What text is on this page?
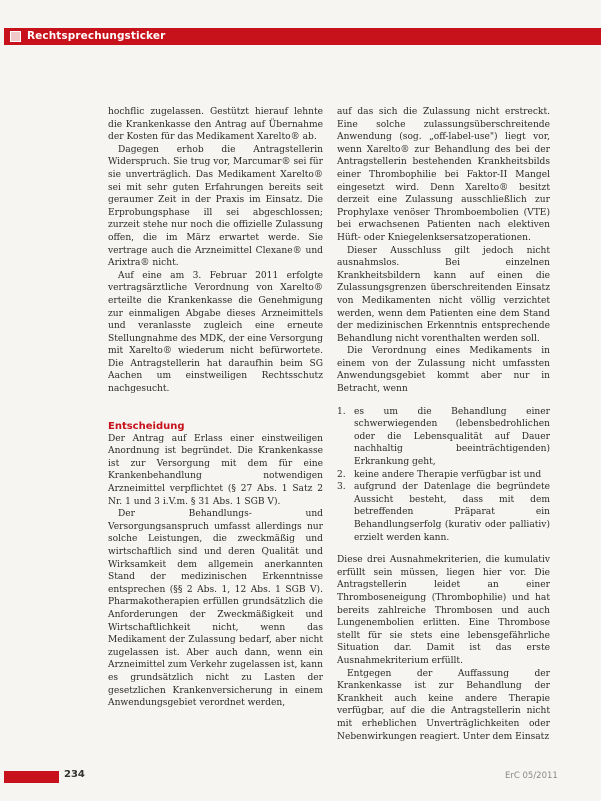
Rechtsprechungsticker

hochflic zugelassen. Gestützt hierauf lehnte die Krankenkasse den Antrag auf Übernahme der Kosten für das Medikament Xarelto® ab.

Dagegen erhob die Antragstellerin Widerspruch. Sie trug vor, Marcumar® sei für sie unverträglich. Das Medikament Xarelto® sei mit sehr guten Erfahrungen bereits seit geraumer Zeit in der Praxis im Einsatz. Die Erprobungsphase ill sei abgeschlossen; zurzeit stehe nur noch die offizielle Zulassung offen, die im März erwartet werde. Sie vertrage auch die Arzneimittel Clexane® und Arixtra® nicht.

Auf eine am 3. Februar 2011 erfolgte vertragsärztliche Verordnung von Xarelto® erteilte die Krankenkasse die Genehmigung zur einmaligen Abgabe dieses Arzneimittels und veranlasste zugleich eine erneute Stellungnahme des MDK, der eine Versorgung mit Xarelto® wiederum nicht befürwortete. Die Antragstellerin hat daraufhin beim SG Aachen um einstweiligen Rechtsschutz nachgesucht.

Entscheidung

Der Antrag auf Erlass einer einstweiligen Anordnung ist begründet. Die Krankenkasse ist zur Versorgung mit dem für eine Krankenbehandlung notwendigen Arzneimittel verpflichtet (§ 27 Abs. 1 Satz 2 Nr. 1 und 3 i.V.m. § 31 Abs. 1 SGB V).

Der Behandlungs- und Versorgungsanspruch umfasst allerdings nur solche Leistungen, die zweckmäßig und wirtschaftlich sind und deren Qualität und Wirksamkeit dem allgemein anerkannten Stand der medizinischen Erkenntnisse entsprechen (§§ 2 Abs. 1, 12 Abs. 1 SGB V). Pharmakotherapien erfüllen grundsätzlich die Anforderungen der Zweckmäßigkeit und Wirtschaftlichkeit nicht, wenn das Medikament der Zulassung bedarf, aber nicht zugelassen ist. Aber auch dann, wenn ein Arzneimittel zum Verkehr zugelassen ist, kann es grundsätzlich nicht zu Lasten der gesetzlichen Krankenversicherung in einem Anwendungsgebiet verordnet werden,

auf das sich die Zulassung nicht erstreckt. Eine solche zulassungsüberschreitende Anwendung (sog. „off-label-use") liegt vor, wenn Xarelto® zur Behandlung des bei der Antragstellerin bestehenden Krankheitsbilds einer Thrombophilie bei Faktor-II Mangel eingesetzt wird. Denn Xarelto® besitzt derzeit eine Zulassung ausschließlich zur Prophylaxe venöser Thromboembolien (VTE) bei erwachsenen Patienten nach elektiven Hüft- oder Kniegelenksersatzoperationen.

Dieser Ausschluss gilt jedoch nicht ausnahmslos. Bei einzelnen Krankheitsbildern kann auf einen die Zulassungsgrenzen überschreitenden Einsatz von Medikamenten nicht völlig verzichtet werden, wenn dem Patienten eine dem Stand der medizinischen Erkenntnis entsprechende Behandlung nicht vorenthalten werden soll.

Die Verordnung eines Medikaments in einem von der Zulassung nicht umfassten Anwendungsgebiet kommt aber nur in Betracht, wenn

1. es um die Behandlung einer schwerwiegenden (lebensbedrohlichen oder die Lebensqualität auf Dauer nachhaltig beeinträchtigenden) Erkrankung geht,
2. keine andere Therapie verfügbar ist und
3. aufgrund der Datenlage die begründete Aussicht besteht, dass mit dem betreffenden Präparat ein Behandlungserfolg (kurativ oder palliativ) erzielt werden kann.

Diese drei Ausnahmekriterien, die kumulativ erfüllt sein müssen, liegen hier vor. Die Antragstellerin leidet an einer Thromboseneigung (Thrombophilie) und hat bereits zahlreiche Thrombosen und auch Lungenembolien erlitten. Eine Thrombose stellt für sie stets eine lebensgefährliche Situation dar. Damit ist das erste Ausnahmekriterium erfüllt.

Entgegen der Auffassung der Krankenkasse ist zur Behandlung der Krankheit auch keine andere Therapie verfügbar, auf die die Antragstellerin nicht mit erheblichen Unverträglichkeiten oder Nebenwirkungen reagiert. Unter dem Einsatz

234	ErC 05/2011
